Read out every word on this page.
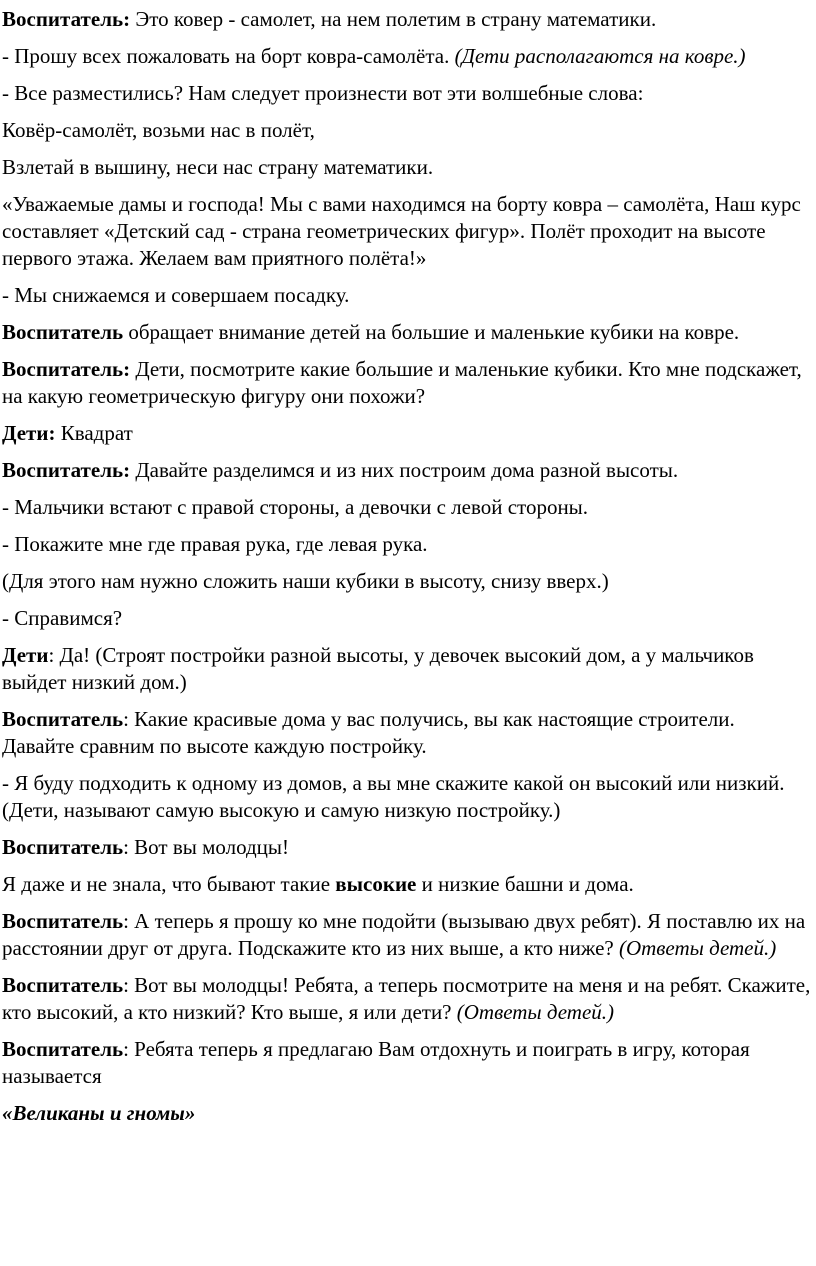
Воспитатель: Это ковер - самолет, на нем полетим в страну математики.

- Прошу всех пожаловать на борт ковра-самолёта. (Дети располагаются на ковре.)

- Все разместились? Нам следует произнести вот эти волшебные слова:

Ковёр-самолёт, возьми нас в полёт,

Взлетай в вышину, неси нас страну математики.

«Уважаемые дамы и господа! Мы с вами находимся на борту ковра – самолёта, Наш курс составляет «Детский сад - страна геометрических фигур». Полёт проходит на высоте первого этажа. Желаем вам приятного полёта!»

- Мы снижаемся и совершаем посадку.

Воспитатель обращает внимание детей на большие и маленькие кубики на ковре.

Воспитатель: Дети, посмотрите какие большие и маленькие кубики. Кто мне подскажет, на какую геометрическую фигуру они похожи?

Дети: Квадрат

Воспитатель: Давайте разделимся и из них построим дома разной высоты.

- Мальчики встают с правой стороны, а девочки с левой стороны.

- Покажите мне где правая рука, где левая рука.

(Для этого нам нужно сложить наши кубики в высоту, снизу вверх.)

- Справимся?

Дети: Да! (Строят постройки разной высоты, у девочек высокий дом, а у мальчиков выйдет низкий дом.)

Воспитатель: Какие красивые дома у вас получись, вы как настоящие строители. Давайте сравним по высоте каждую постройку.

- Я буду подходить к одному из домов, а вы мне скажите какой он высокий или низкий. (Дети, называют самую высокую и самую низкую постройку.)

Воспитатель: Вот вы молодцы!

Я даже и не знала, что бывают такие высокие и низкие башни и дома.

Воспитатель: А теперь я прошу ко мне подойти (вызываю двух ребят). Я поставлю их на расстоянии друг от друга. Подскажите кто из них выше, а кто ниже? (Ответы детей.)

Воспитатель: Вот вы молодцы! Ребята, а теперь посмотрите на меня и на ребят. Скажите, кто высокий, а кто низкий? Кто выше, я или дети? (Ответы детей.)

Воспитатель: Ребята теперь я предлагаю Вам отдохнуть и поиграть в игру, которая называется

«Великаны и гномы»
